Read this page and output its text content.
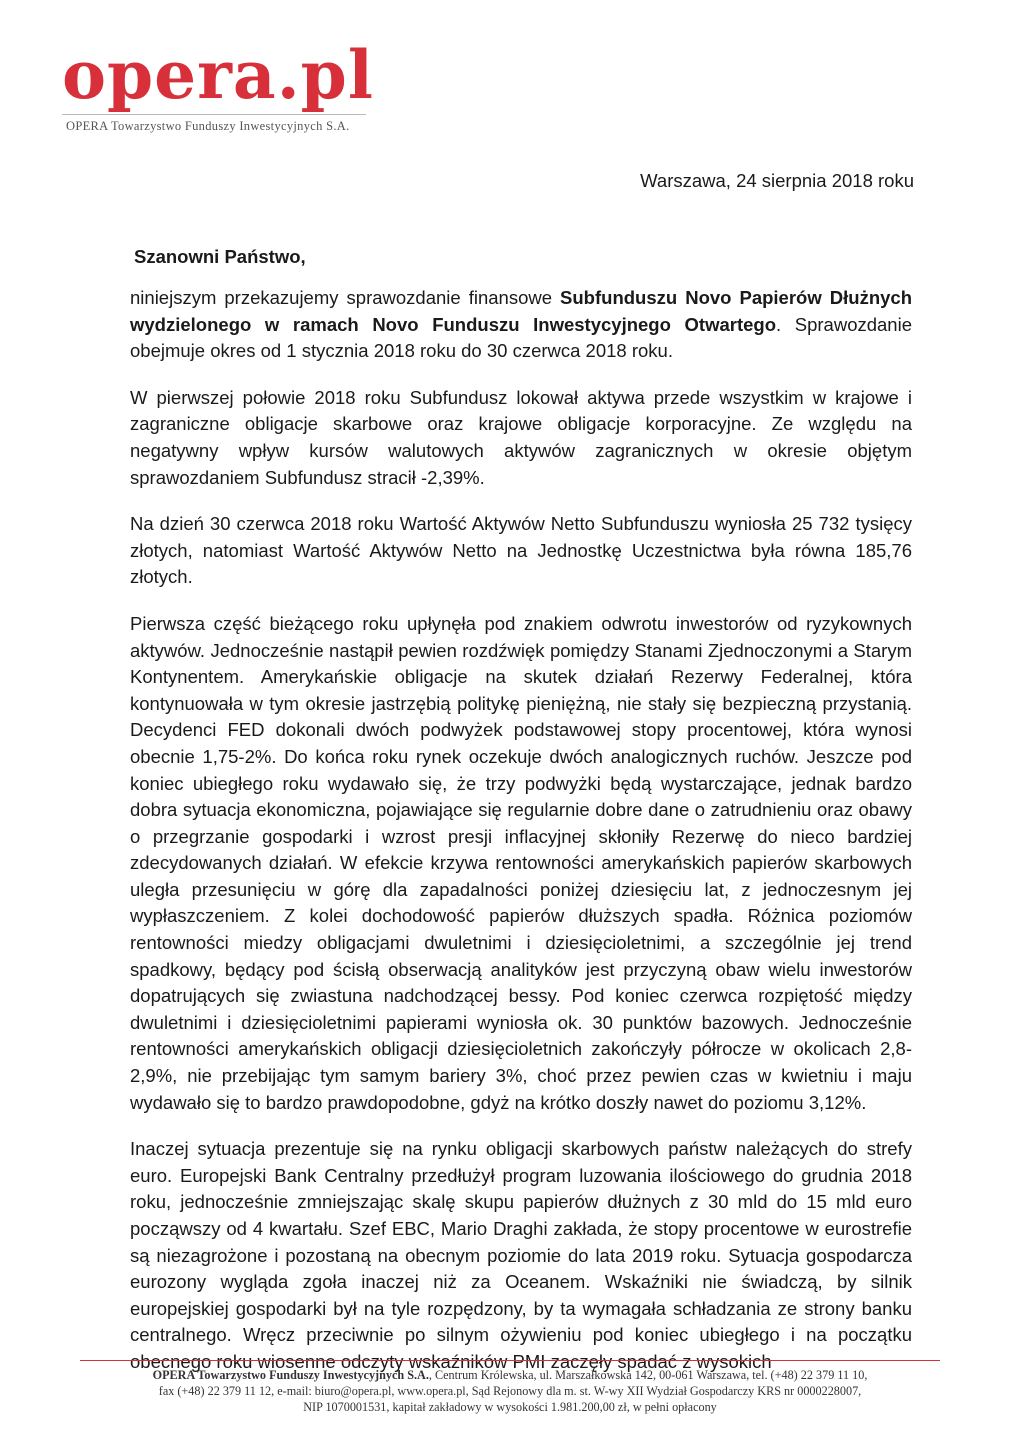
opera.pl
OPERA Towarzystwo Funduszy Inwestycyjnych S.A.
Warszawa, 24 sierpnia 2018 roku
Szanowni Państwo,

niniejszym przekazujemy sprawozdanie finansowe Subfunduszu Novo Papierów Dłużnych wydzielonego w ramach Novo Funduszu Inwestycyjnego Otwartego. Sprawozdanie obejmuje okres od 1 stycznia 2018 roku do 30 czerwca 2018 roku.

W pierwszej połowie 2018 roku Subfundusz lokował aktywa przede wszystkim w krajowe i zagraniczne obligacje skarbowe oraz krajowe obligacje korporacyjne. Ze względu na negatywny wpływ kursów walutowych aktywów zagranicznych w okresie objętym sprawozdaniem Subfundusz stracił -2,39%.

Na dzień 30 czerwca 2018 roku Wartość Aktywów Netto Subfunduszu wyniosła 25 732 tysięcy złotych, natomiast Wartość Aktywów Netto na Jednostkę Uczestnictwa była równa 185,76 złotych.

Pierwsza część bieżącego roku upłynęła pod znakiem odwrotu inwestorów od ryzykownych aktywów. Jednocześnie nastąpił pewien rozdźwięk pomiędzy Stanami Zjednoczonymi a Starym Kontynentem. Amerykańskie obligacje na skutek działań Rezerwy Federalnej, która kontynuowała w tym okresie jastrzębią politykę pieniężną, nie stały się bezpieczną przystanią. Decydenci FED dokonali dwóch podwyżek podstawowej stopy procentowej, która wynosi obecnie 1,75-2%. Do końca roku rynek oczekuje dwóch analogicznych ruchów. Jeszcze pod koniec ubiegłego roku wydawało się, że trzy podwyżki będą wystarczające, jednak bardzo dobra sytuacja ekonomiczna, pojawiające się regularnie dobre dane o zatrudnieniu oraz obawy o przegrzanie gospodarki i wzrost presji inflacyjnej skłoniły Rezerwę do nieco bardziej zdecydowanych działań. W efekcie krzywa rentowności amerykańskich papierów skarbowych uległa przesunięciu w górę dla zapadalności poniżej dziesięciu lat, z jednoczesnym jej wypłaszczeniem. Z kolei dochodowość papierów dłuższych spadła. Różnica poziomów rentowności miedzy obligacjami dwuletnimi i dziesięcioletnimi, a szczególnie jej trend spadkowy, będący pod ścisłą obserwacją analityków jest przyczyną obaw wielu inwestorów dopatrujących się zwiastuna nadchodzącej bessy. Pod koniec czerwca rozpiętość między dwuletnimi i dziesięcioletnimi papierami wyniosła ok. 30 punktów bazowych. Jednocześnie rentowności amerykańskich obligacji dziesięcioletnich zakończyły półrocze w okolicach 2,8-2,9%, nie przebijając tym samym bariery 3%, choć przez pewien czas w kwietniu i maju wydawało się to bardzo prawdopodobne, gdyż na krótko doszły nawet do poziomu 3,12%.

Inaczej sytuacja prezentuje się na rynku obligacji skarbowych państw należących do strefy euro. Europejski Bank Centralny przedłużył program luzowania ilościowego do grudnia 2018 roku, jednocześnie zmniejszając skalę skupu papierów dłużnych z 30 mld do 15 mld euro począwszy od 4 kwartału. Szef EBC, Mario Draghi zakłada, że stopy procentowe w eurostrefie są niezagrożone i pozostaną na obecnym poziomie do lata 2019 roku. Sytuacja gospodarcza eurozony wygląda zgoła inaczej niż za Oceanem. Wskaźniki nie świadczą, by silnik europejskiej gospodarki był na tyle rozpędzony, by ta wymagała schładzania ze strony banku centralnego. Wręcz przeciwnie po silnym ożywieniu pod koniec ubiegłego i na początku obecnego roku wiosenne odczyty wskaźników PMI zaczęły spadać z wysokich

OPERA Towarzystwo Funduszy Inwestycyjnych S.A., Centrum Królewska, ul. Marszałkowska 142, 00-061 Warszawa, tel. (+48) 22 379 11 10,
fax (+48) 22 379 11 12, e-mail: biuro@opera.pl, www.opera.pl, Sąd Rejonowy dla m. st. W-wy XII Wydział Gospodarczy KRS nr 0000228007,
NIP 1070001531, kapitał zakładowy w wysokości 1.981.200,00 zł, w pełni opłacony
